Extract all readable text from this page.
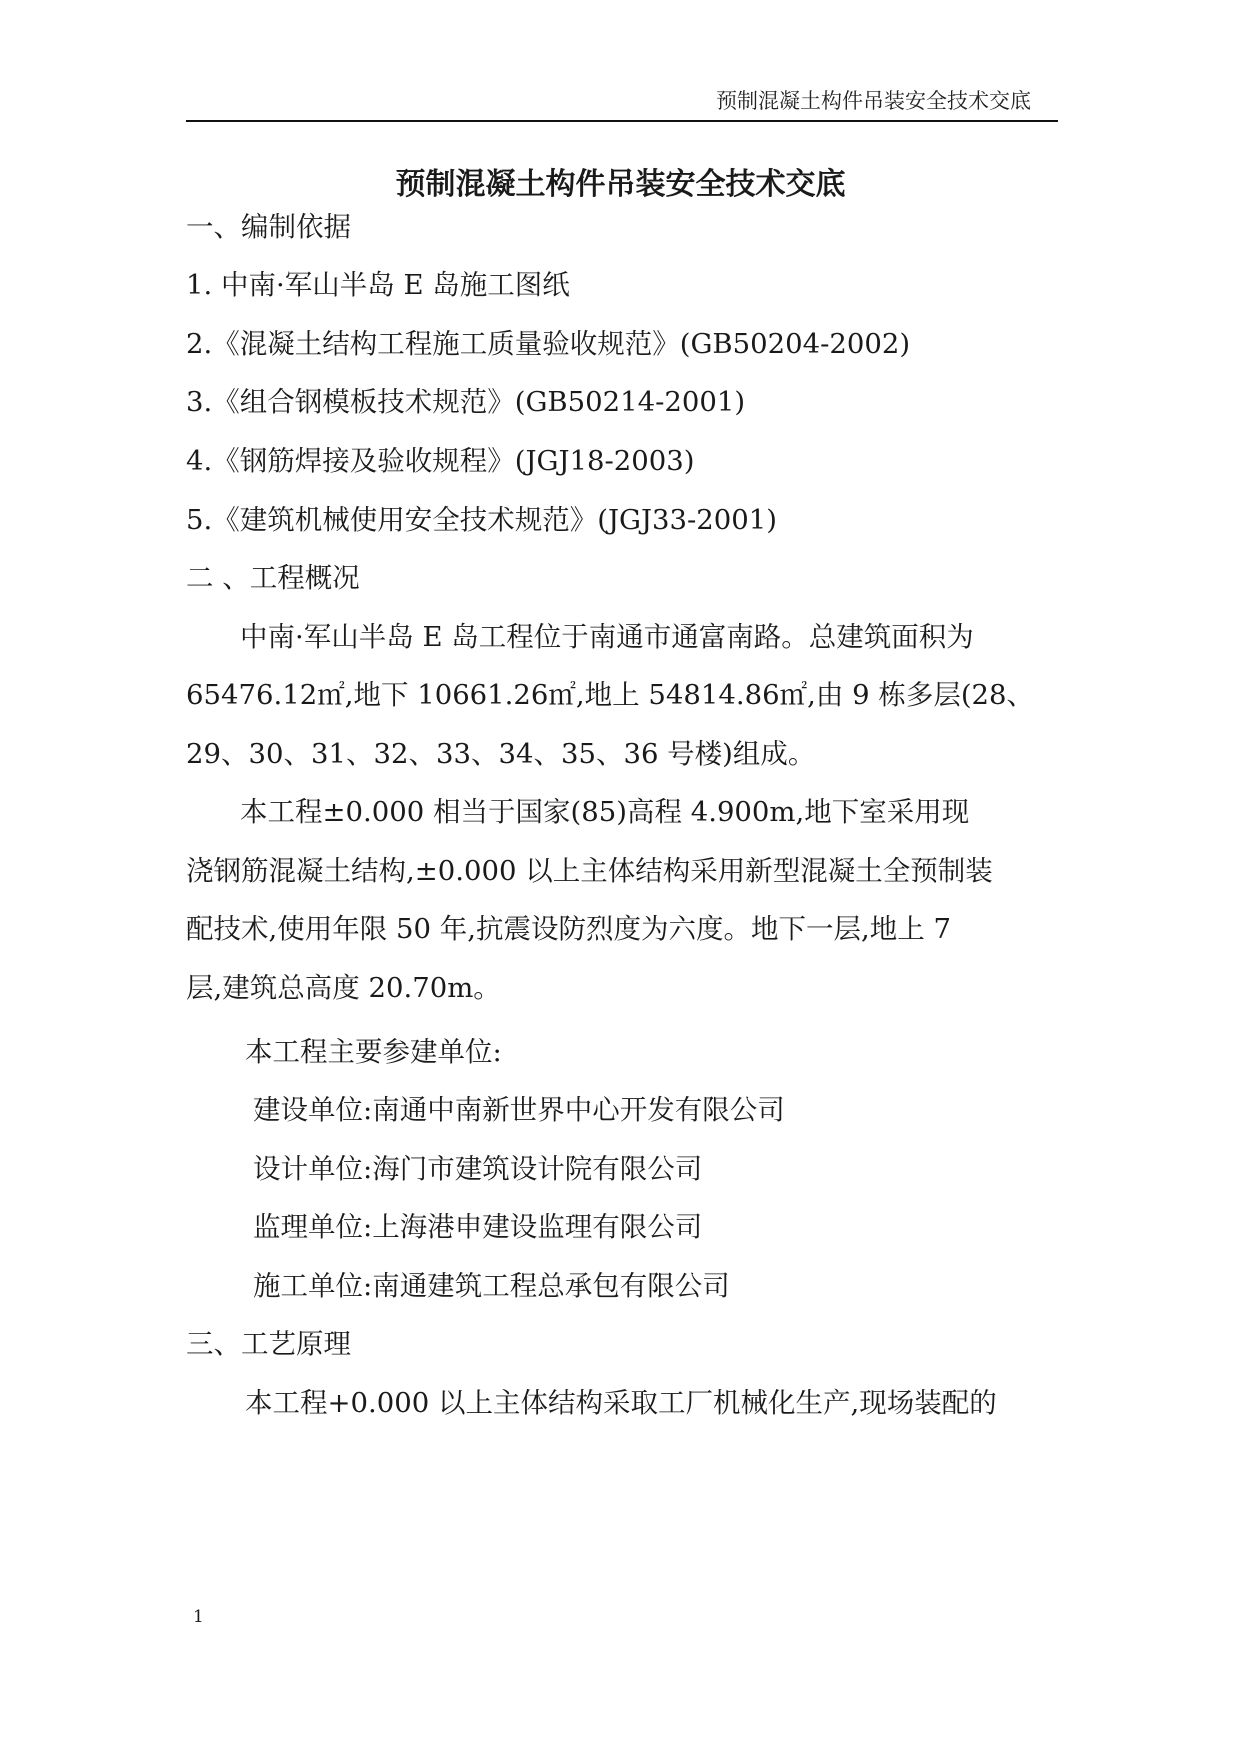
预制混凝土构件吊装安全技术交底
预制混凝土构件吊装安全技术交底
一、编制依据
1. 中南·军山半岛 E 岛施工图纸
2.《混凝土结构工程施工质量验收规范》(GB50204-2002)
3.《组合钢模板技术规范》(GB50214-2001)
4.《钢筋焊接及验收规程》(JGJ18-2003)
5.《建筑机械使用安全技术规范》(JGJ33-2001)
二 、工程概况
中南·军山半岛 E 岛工程位于南通市通富南路。总建筑面积为
65476.12㎡,地下 10661.26㎡,地上 54814.86㎡,由 9 栋多层(28、
29、30、31、32、33、34、35、36 号楼)组成。
本工程±0.000 相当于国家(85)高程 4.900m,地下室采用现
浇钢筋混凝土结构,±0.000 以上主体结构采用新型混凝土全预制装
配技术,使用年限 50 年,抗震设防烈度为六度。地下一层,地上 7
层,建筑总高度 20.70m。
本工程主要参建单位:
建设单位:南通中南新世界中心开发有限公司
设计单位:海门市建筑设计院有限公司
监理单位:上海港申建设监理有限公司
施工单位:南通建筑工程总承包有限公司
三、工艺原理
本工程+0.000 以上主体结构采取工厂机械化生产,现场装配的
1
